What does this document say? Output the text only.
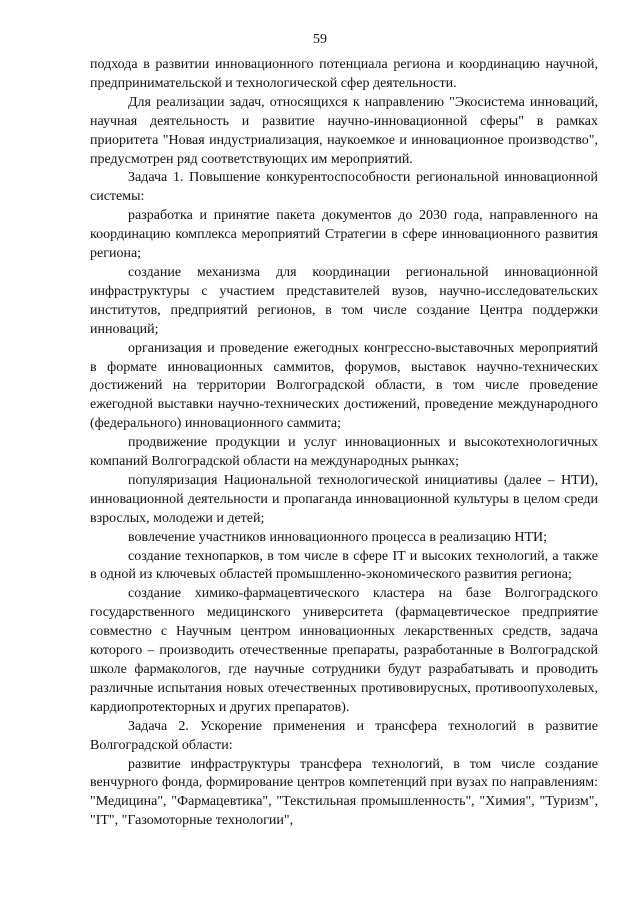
59

подхода в развитии инновационного потенциала региона и координацию научной, предпринимательской и технологической сфер деятельности.

Для реализации задач, относящихся к направлению "Экосистема инноваций, научная деятельность и развитие научно-инновационной сферы" в рамках приоритета "Новая индустриализация, наукоемкое и инновационное производство", предусмотрен ряд соответствующих им мероприятий.

Задача 1. Повышение конкурентоспособности региональной инновационной системы:

разработка и принятие пакета документов до 2030 года, направленного на координацию комплекса мероприятий Стратегии в сфере инновационного развития региона;

создание механизма для координации региональной инновационной инфраструктуры с участием представителей вузов, научно-исследовательских институтов, предприятий регионов, в том числе создание Центра поддержки инноваций;

организация и проведение ежегодных конгрессно-выставочных мероприятий в формате инновационных саммитов, форумов, выставок научно-технических достижений на территории Волгоградской области, в том числе проведение ежегодной выставки научно-технических достижений, проведение международного (федерального) инновационного саммита;

продвижение продукции и услуг инновационных и высокотехнологичных компаний Волгоградской области на международных рынках;

популяризация Национальной технологической инициативы (далее – НТИ), инновационной деятельности и пропаганда инновационной культуры в целом среди взрослых, молодежи и детей;

вовлечение участников инновационного процесса в реализацию НТИ;

создание технопарков, в том числе в сфере IT и высоких технологий, а также в одной из ключевых областей промышленно-экономического развития региона;

создание химико-фармацевтического кластера на базе Волгоградского государственного медицинского университета (фармацевтическое предприятие совместно с Научным центром инновационных лекарственных средств, задача которого – производить отечественные препараты, разработанные в Волгоградской школе фармакологов, где научные сотрудники будут разрабатывать и проводить различные испытания новых отечественных противовирусных, противоопухолевых, кардиопротекторных и других препаратов).

Задача 2. Ускорение применения и трансфера технологий в развитие Волгоградской области:

развитие инфраструктуры трансфера технологий, в том числе создание венчурного фонда, формирование центров компетенций при вузах по направлениям: "Медицина", "Фармацевтика", "Текстильная промышленность", "Химия", "Туризм", "IT", "Газомоторные технологии",
